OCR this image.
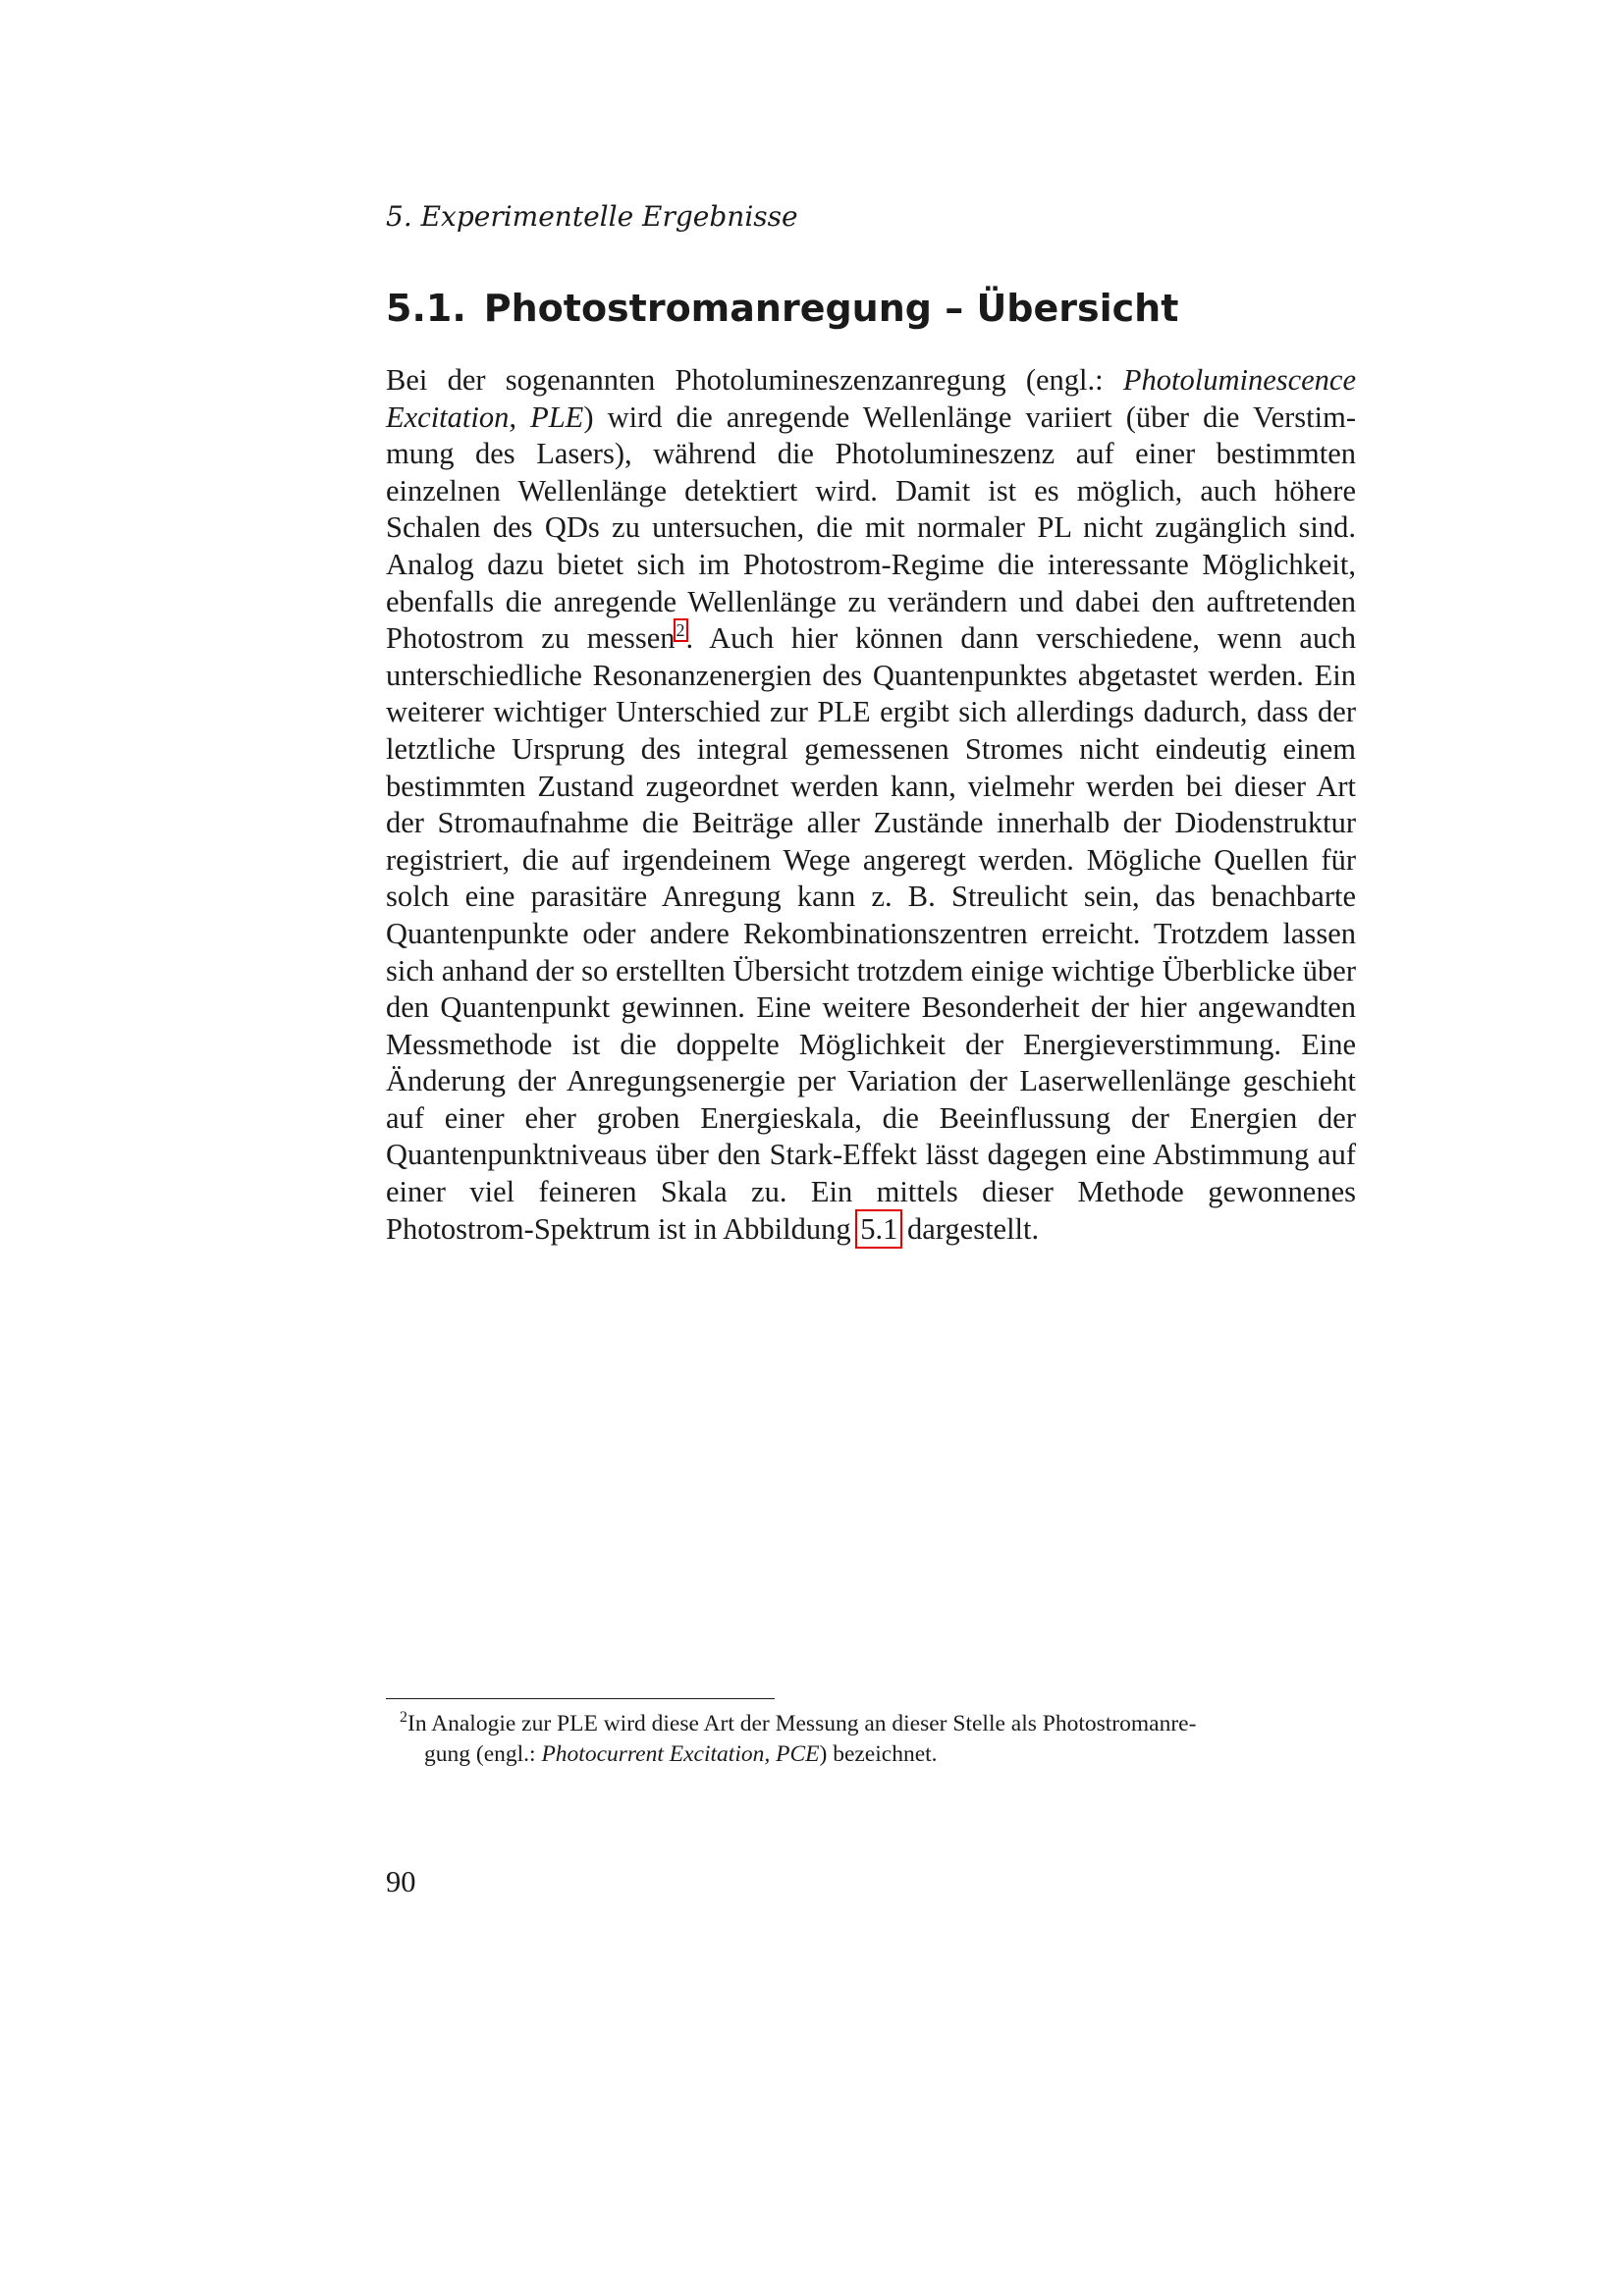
5. Experimentelle Ergebnisse
5.1. Photostromanregung – Übersicht

Bei der sogenannten Photolumineszenzanregung (engl.: Photoluminescence Excitation, PLE) wird die anregende Wellenlänge variiert (über die Verstimmung des Lasers), während die Photolumineszenz auf einer bestimmten einzelnen Wellenlänge detektiert wird. Damit ist es möglich, auch höhere Schalen des QDs zu untersuchen, die mit normaler PL nicht zugänglich sind. Analog dazu bietet sich im Photostrom-Regime die interessante Möglichkeit, ebenfalls die anregende Wellenlänge zu verändern und dabei den auftretenden Photostrom zu messen$^2$. Auch hier können dann verschiedene, wenn auch unterschiedliche Resonanzenergien des Quantenpunktes abgetastet werden. Ein weiterer wichtiger Unterschied zur PLE ergibt sich allerdings dadurch, dass der letztliche Ursprung des integral gemessenen Stromes nicht eindeutig einem bestimmten Zustand zugeordnet werden kann, vielmehr werden bei dieser Art der Stromaufnahme die Beiträge aller Zustände innerhalb der Diodenstruktur registriert, die auf irgendeinem Wege angeregt werden. Mögliche Quellen für solch eine parasitäre Anregung kann z. B. Streulicht sein, das benachbarte Quantenpunkte oder andere Rekombinationszentren erreicht. Trotzdem lassen sich anhand der so erstellten Übersicht trotzdem einige wichtige Überblicke über den Quantenpunkt gewinnen. Eine weitere Besonderheit der hier angewandten Messmethode ist die doppelte Möglichkeit der Energieverstimmung. Eine Änderung der Anregungsenergie per Variation der Laserwellenlänge geschieht auf einer eher groben Energieskala, die Beeinflussung der Energien der Quantenpunktniveaus über den Stark-Effekt lässt dagegen eine Abstimmung auf einer viel feineren Skala zu. Ein mittels dieser Methode gewonnenes Photostrom-Spektrum ist in Abbildung 5.1 dargestellt.

$^2$In Analogie zur PLE wird diese Art der Messung an dieser Stelle als Photostromanre-
gung (engl.: Photocurrent Excitation, PCE) bezeichnet.
90
